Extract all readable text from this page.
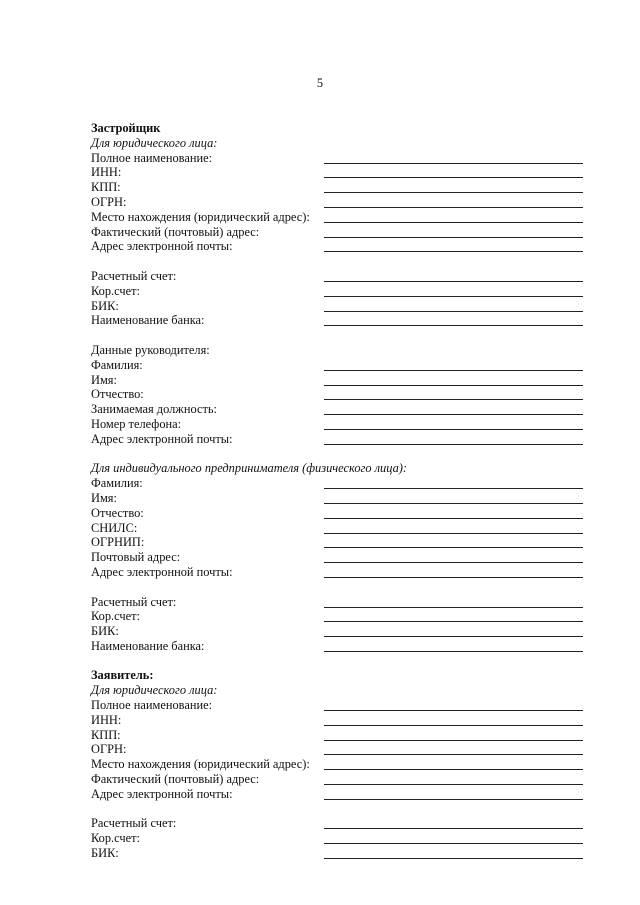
5
Застройщик
Для юридического лица:
Полное наименование:
ИНН:
КПП:
ОГРН:
Место нахождения (юридический адрес):
Фактический (почтовый) адрес:
Адрес электронной почты:
Расчетный счет:
Кор.счет:
БИК:
Наименование банка:
Данные руководителя:
Фамилия:
Имя:
Отчество:
Занимаемая должность:
Номер телефона:
Адрес электронной почты:
Для индивидуального предпринимателя (физического лица):
Фамилия:
Имя:
Отчество:
СНИЛС:
ОГРНИП:
Почтовый адрес:
Адрес электронной почты:
Расчетный счет:
Кор.счет:
БИК:
Наименование банка:
Заявитель:
Для юридического лица:
Полное наименование:
ИНН:
КПП:
ОГРН:
Место нахождения (юридический адрес):
Фактический (почтовый) адрес:
Адрес электронной почты:
Расчетный счет:
Кор.счет:
БИК:
